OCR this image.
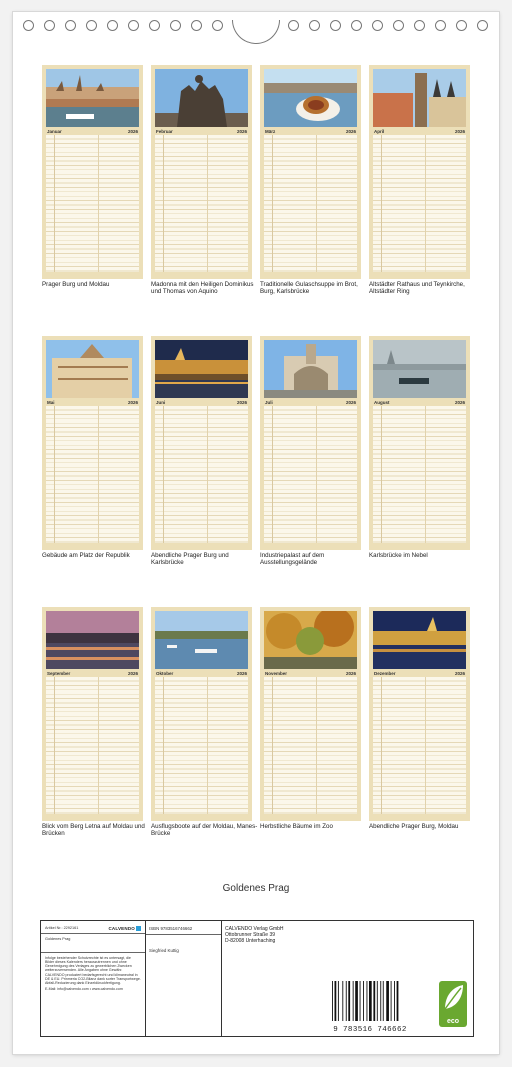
Januar	2026
Prager Burg und Moldau
Februar	2026
Madonna mit den Heiligen Dominikus und Thomas von Aquino
März	2026
Traditionelle Gulaschsuppe im Brot, Burg, Karlsbrücke
April	2026
Altstädter Rathaus und Teynkirche, Altstädter Ring
Mai	2026
Gebäude am Platz der Republik
Juni	2026
Abendliche Prager Burg und Karlsbrücke
Juli	2026
Industriepalast auf dem Ausstellungsgelände
August	2026
Karlsbrücke im Nebel
September	2026
Blick vom Berg Letna auf Moldau und Brücken
Oktober	2026
Ausflugsboote auf der Moldau, Manes-Brücke
November	2026
Herbstliche Bäume im Zoo
Dezember	2026
Abendliche Prager Burg, Moldau
Goldenes Prag
Artikel Nr.: 2292161	CALVENDO
Goldenes Prag
Infolge bestehender Schutzrechte ist es untersagt, die Bilder dieses Kalenders herauszutrennen und ohne Genehmigung des Verlages zu gewerblichen Zwecken weiterzuverwenden. Alle Angaben ohne Gewähr. CALVENDO produziert bedarfsgerecht und klimaneutral in DE & EU. Prinmeria CO2-Bilanz dank sorter Transportwege. Abfall-Reduzierung dank Einzeldüruckfertigung.
E-Mail: info@calvendo.com • www.calvendo.com
ISBN 9783516746662
Siegfried Kuttig
CALVENDO Verlag GmbH
Ottobrunner Straße 39
D-82008 Unterhaching
9 783516 746662
eco
